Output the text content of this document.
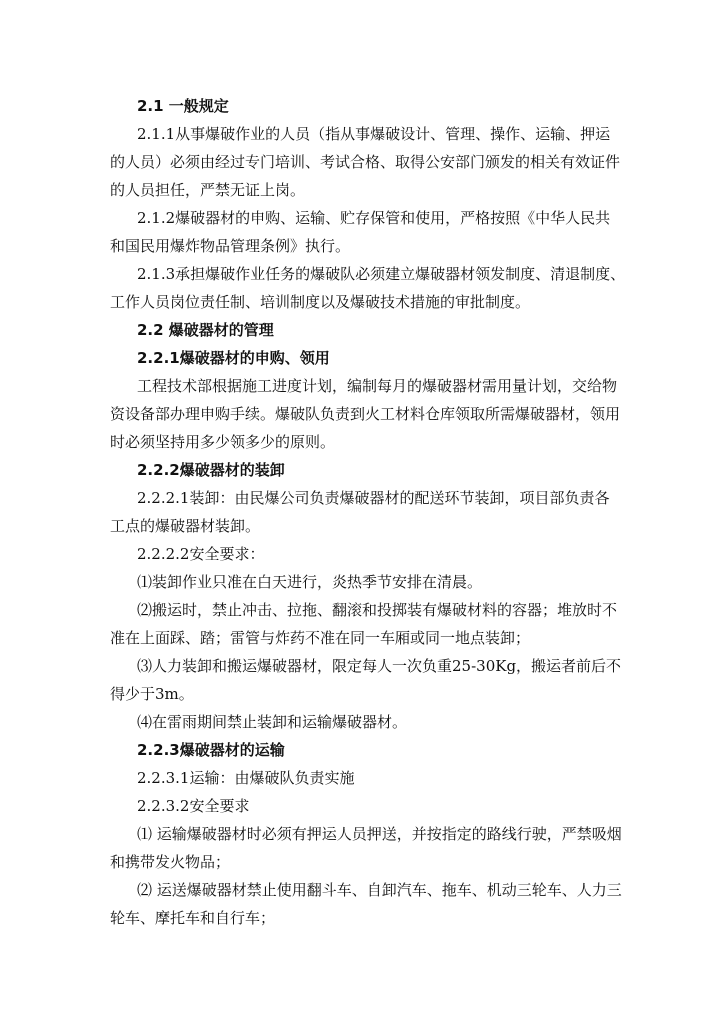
2.1 一般规定
2.1.1从事爆破作业的人员（指从事爆破设计、管理、操作、运输、押运
的人员）必须由经过专门培训、考试合格、取得公安部门颁发的相关有效证件
的人员担任，严禁无证上岗。
2.1.2爆破器材的申购、运输、贮存保管和使用，严格按照《中华人民共
和国民用爆炸物品管理条例》执行。
2.1.3承担爆破作业任务的爆破队必须建立爆破器材领发制度、清退制度、
工作人员岗位责任制、培训制度以及爆破技术措施的审批制度。
2.2 爆破器材的管理
2.2.1爆破器材的申购、领用
工程技术部根据施工进度计划，编制每月的爆破器材需用量计划，交给物
资设备部办理申购手续。爆破队负责到火工材料仓库领取所需爆破器材，领用
时必须坚持用多少领多少的原则。
2.2.2爆破器材的装卸
2.2.2.1装卸：由民爆公司负责爆破器材的配送环节装卸，项目部负责各
工点的爆破器材装卸。
2.2.2.2安全要求：
⑴装卸作业只准在白天进行，炎热季节安排在清晨。
⑵搬运时，禁止冲击、拉拖、翻滚和投掷装有爆破材料的容器；堆放时不
准在上面踩、踏；雷管与炸药不准在同一车厢或同一地点装卸；
⑶人力装卸和搬运爆破器材，限定每人一次负重25-30Kg，搬运者前后不
得少于3m。
⑷在雷雨期间禁止装卸和运输爆破器材。
2.2.3爆破器材的运输
2.2.3.1运输：由爆破队负责实施
2.2.3.2安全要求
⑴ 运输爆破器材时必须有押运人员押送，并按指定的路线行驶，严禁吸烟
和携带发火物品；
⑵ 运送爆破器材禁止使用翻斗车、自卸汽车、拖车、机动三轮车、人力三
轮车、摩托车和自行车；
